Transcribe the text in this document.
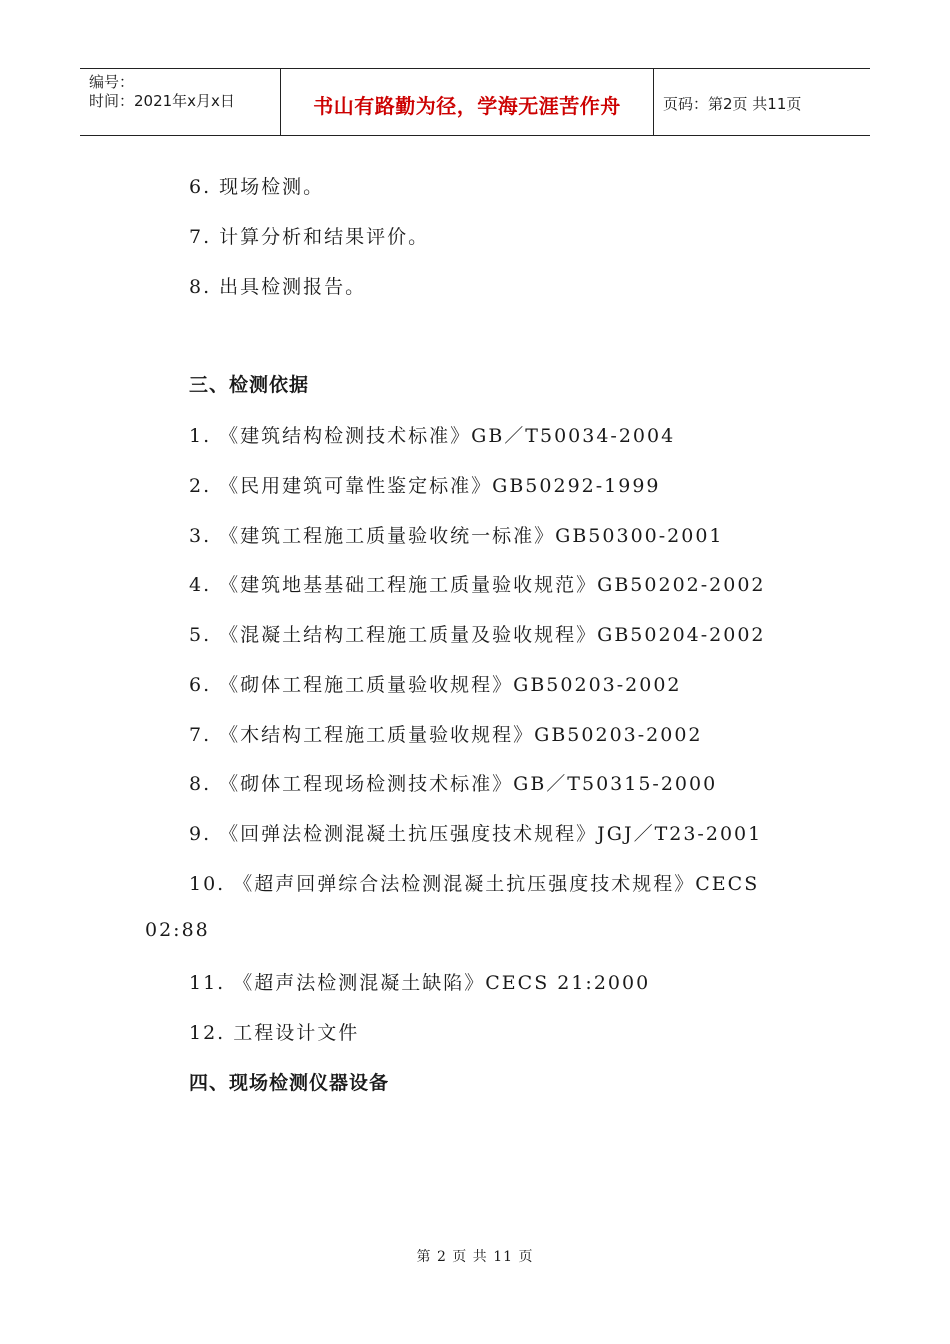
编号：
时间：2021年x月x日	书山有路勤为径，学海无涯苦作舟	页码：第2页 共11页
6. 现场检测。
7. 计算分析和结果评价。
8. 出具检测报告。
三、检测依据
1. 《建筑结构检测技术标准》GB／T50034-2004
2. 《民用建筑可靠性鉴定标准》GB50292-1999
3. 《建筑工程施工质量验收统一标准》GB50300-2001
4. 《建筑地基基础工程施工质量验收规范》GB50202-2002
5. 《混凝土结构工程施工质量及验收规程》GB50204-2002
6. 《砌体工程施工质量验收规程》GB50203-2002
7. 《木结构工程施工质量验收规程》GB50203-2002
8. 《砌体工程现场检测技术标准》GB／T50315-2000
9. 《回弹法检测混凝土抗压强度技术规程》JGJ／T23-2001
10. 《超声回弹综合法检测混凝土抗压强度技术规程》CECS
02:88
11. 《超声法检测混凝土缺陷》CECS 21:2000
12. 工程设计文件
四、现场检测仪器设备
第 2 页 共 11 页
